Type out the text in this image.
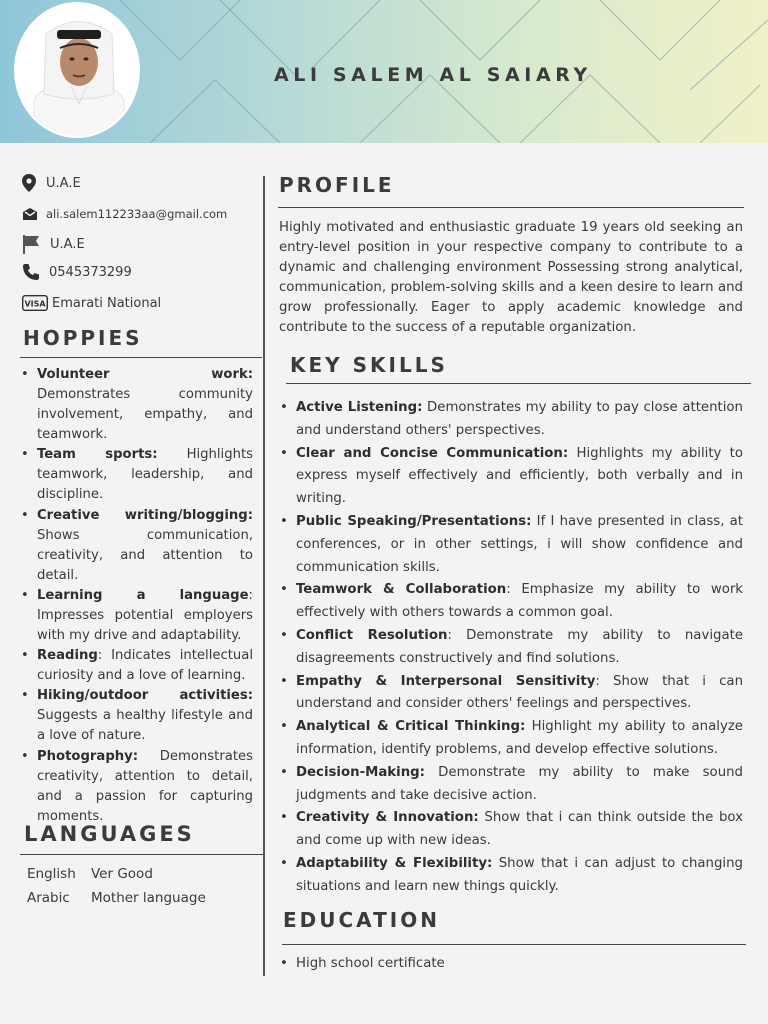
ALI SALEM AL SAIARY
U.A.E
ali.salem112233aa@gmail.com
U.A.E
0545373299
VISA Emarati National
HOPPIES
• Volunteer work: Demonstrates community involvement, empathy, and teamwork.
• Team sports: Highlights teamwork, leadership, and discipline.
• Creative writing/blogging: Shows communication, creativity, and attention to detail.
• Learning a language: Impresses potential employers with my drive and adaptability.
• Reading: Indicates intellectual curiosity and a love of learning.
• Hiking/outdoor activities: Suggests a healthy lifestyle and a love of nature.
• Photography: Demonstrates creativity, attention to detail, and a passion for capturing moments.
LANGUAGES
English Ver Good
Arabic Mother language
PROFILE
Highly motivated and enthusiastic graduate 19 years old seeking an entry-level position in your respective company to contribute to a dynamic and challenging environment Possessing strong analytical, communication, problem-solving skills and a keen desire to learn and grow professionally. Eager to apply academic knowledge and contribute to the success of a reputable organization.
KEY SKILLS
• Active Listening: Demonstrates my ability to pay close attention and understand others' perspectives.
• Clear and Concise Communication: Highlights my ability to express myself effectively and efficiently, both verbally and in writing.
• Public Speaking/Presentations: If I have presented in class, at conferences, or in other settings, i will show confidence and communication skills.
• Teamwork & Collaboration: Emphasize my ability to work effectively with others towards a common goal.
• Conflict Resolution: Demonstrate my ability to navigate disagreements constructively and find solutions.
• Empathy & Interpersonal Sensitivity: Show that i can understand and consider others' feelings and perspectives.
• Analytical & Critical Thinking: Highlight my ability to analyze information, identify problems, and develop effective solutions.
• Decision-Making: Demonstrate my ability to make sound judgments and take decisive action.
• Creativity & Innovation: Show that i can think outside the box and come up with new ideas.
• Adaptability & Flexibility: Show that i can adjust to changing situations and learn new things quickly.
EDUCATION
• High school certificate
